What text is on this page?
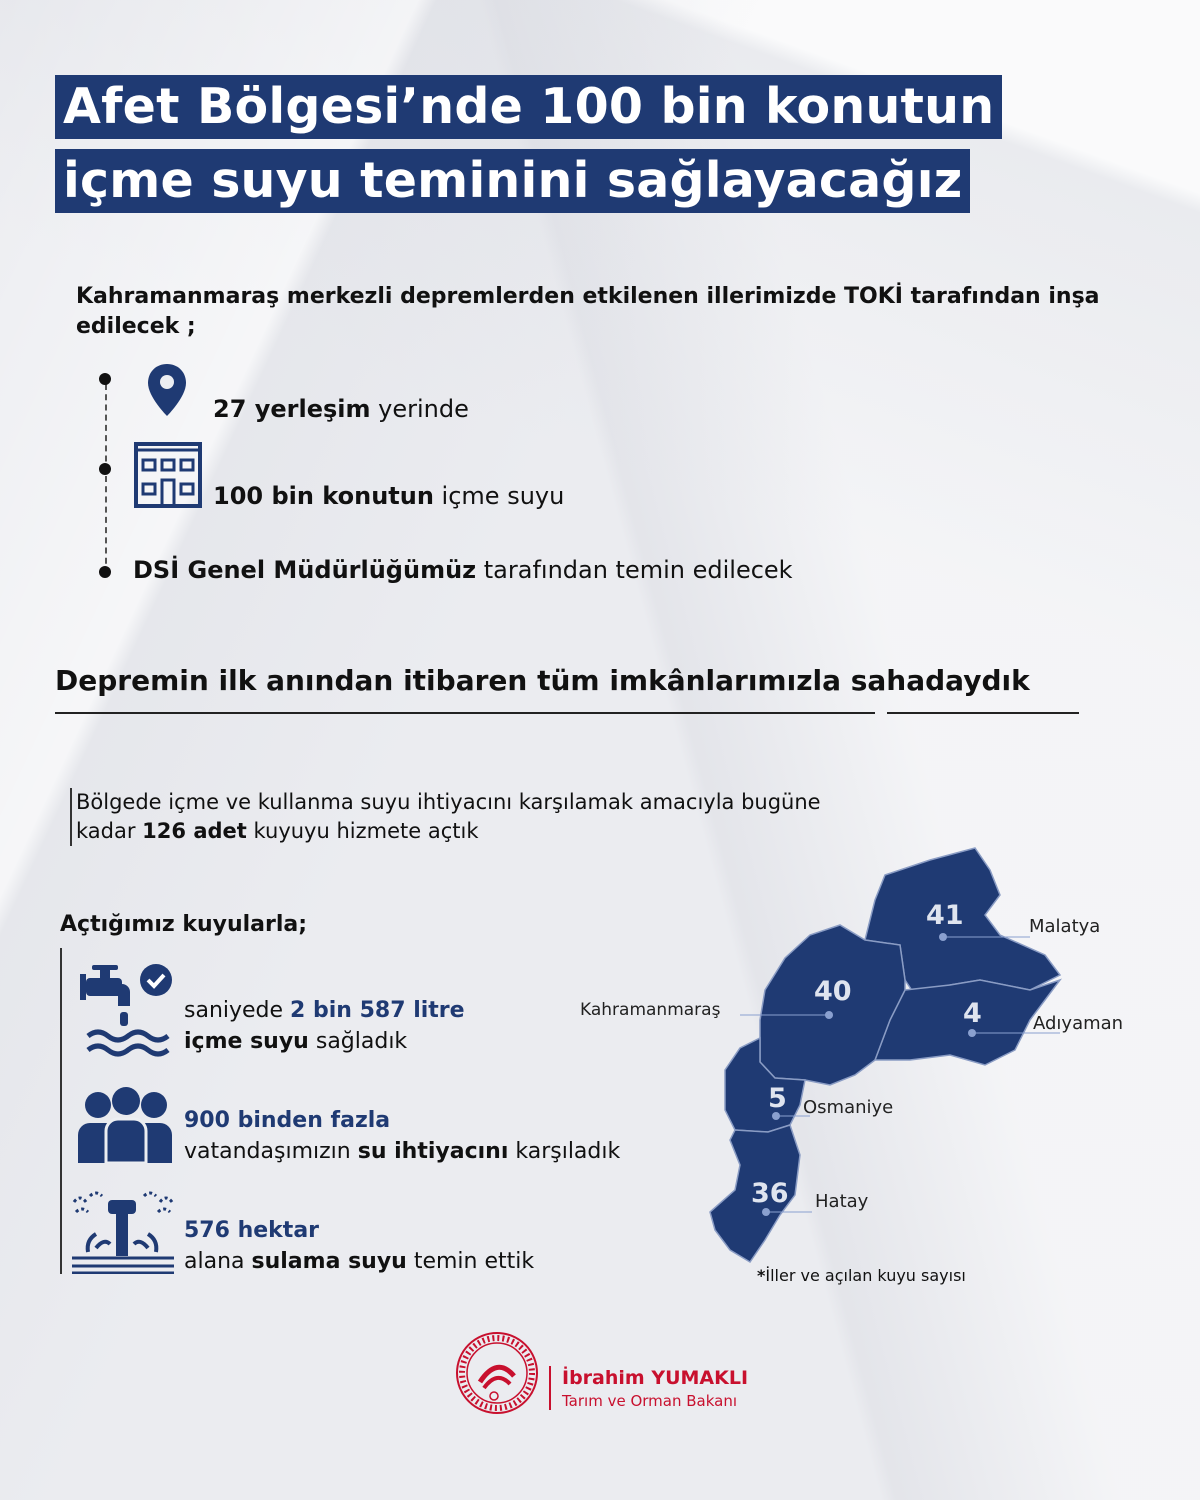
Afet Bölgesi’nde 100 bin konutun
içme suyu teminini sağlayacağız
Kahramanmaraş merkezli depremlerden etkilenen illerimizde TOKİ tarafından inşa edilecek ;
27 yerleşim yerinde
100 bin konutun içme suyu
DSİ Genel Müdürlüğümüz tarafından temin edilecek
Depremin ilk anından itibaren tüm imkânlarımızla sahadaydık
Bölgede içme ve kullanma suyu ihtiyacını karşılamak amacıyla bugüne
kadar 126 adet kuyuyu hizmete açtık
Açtığımız kuyularla;
saniyede 2 bin 587 litre
içme suyu sağladık
900 binden fazla
vatandaşımızın su ihtiyacını karşıladık
576 hektar
alana sulama suyu temin ettik
41
40
4
5
36
Malatya
Kahramanmaraş
Adıyaman
Osmaniye
Hatay
*İller ve açılan kuyu sayısı
İbrahim YUMAKLI
Tarım ve Orman Bakanı
